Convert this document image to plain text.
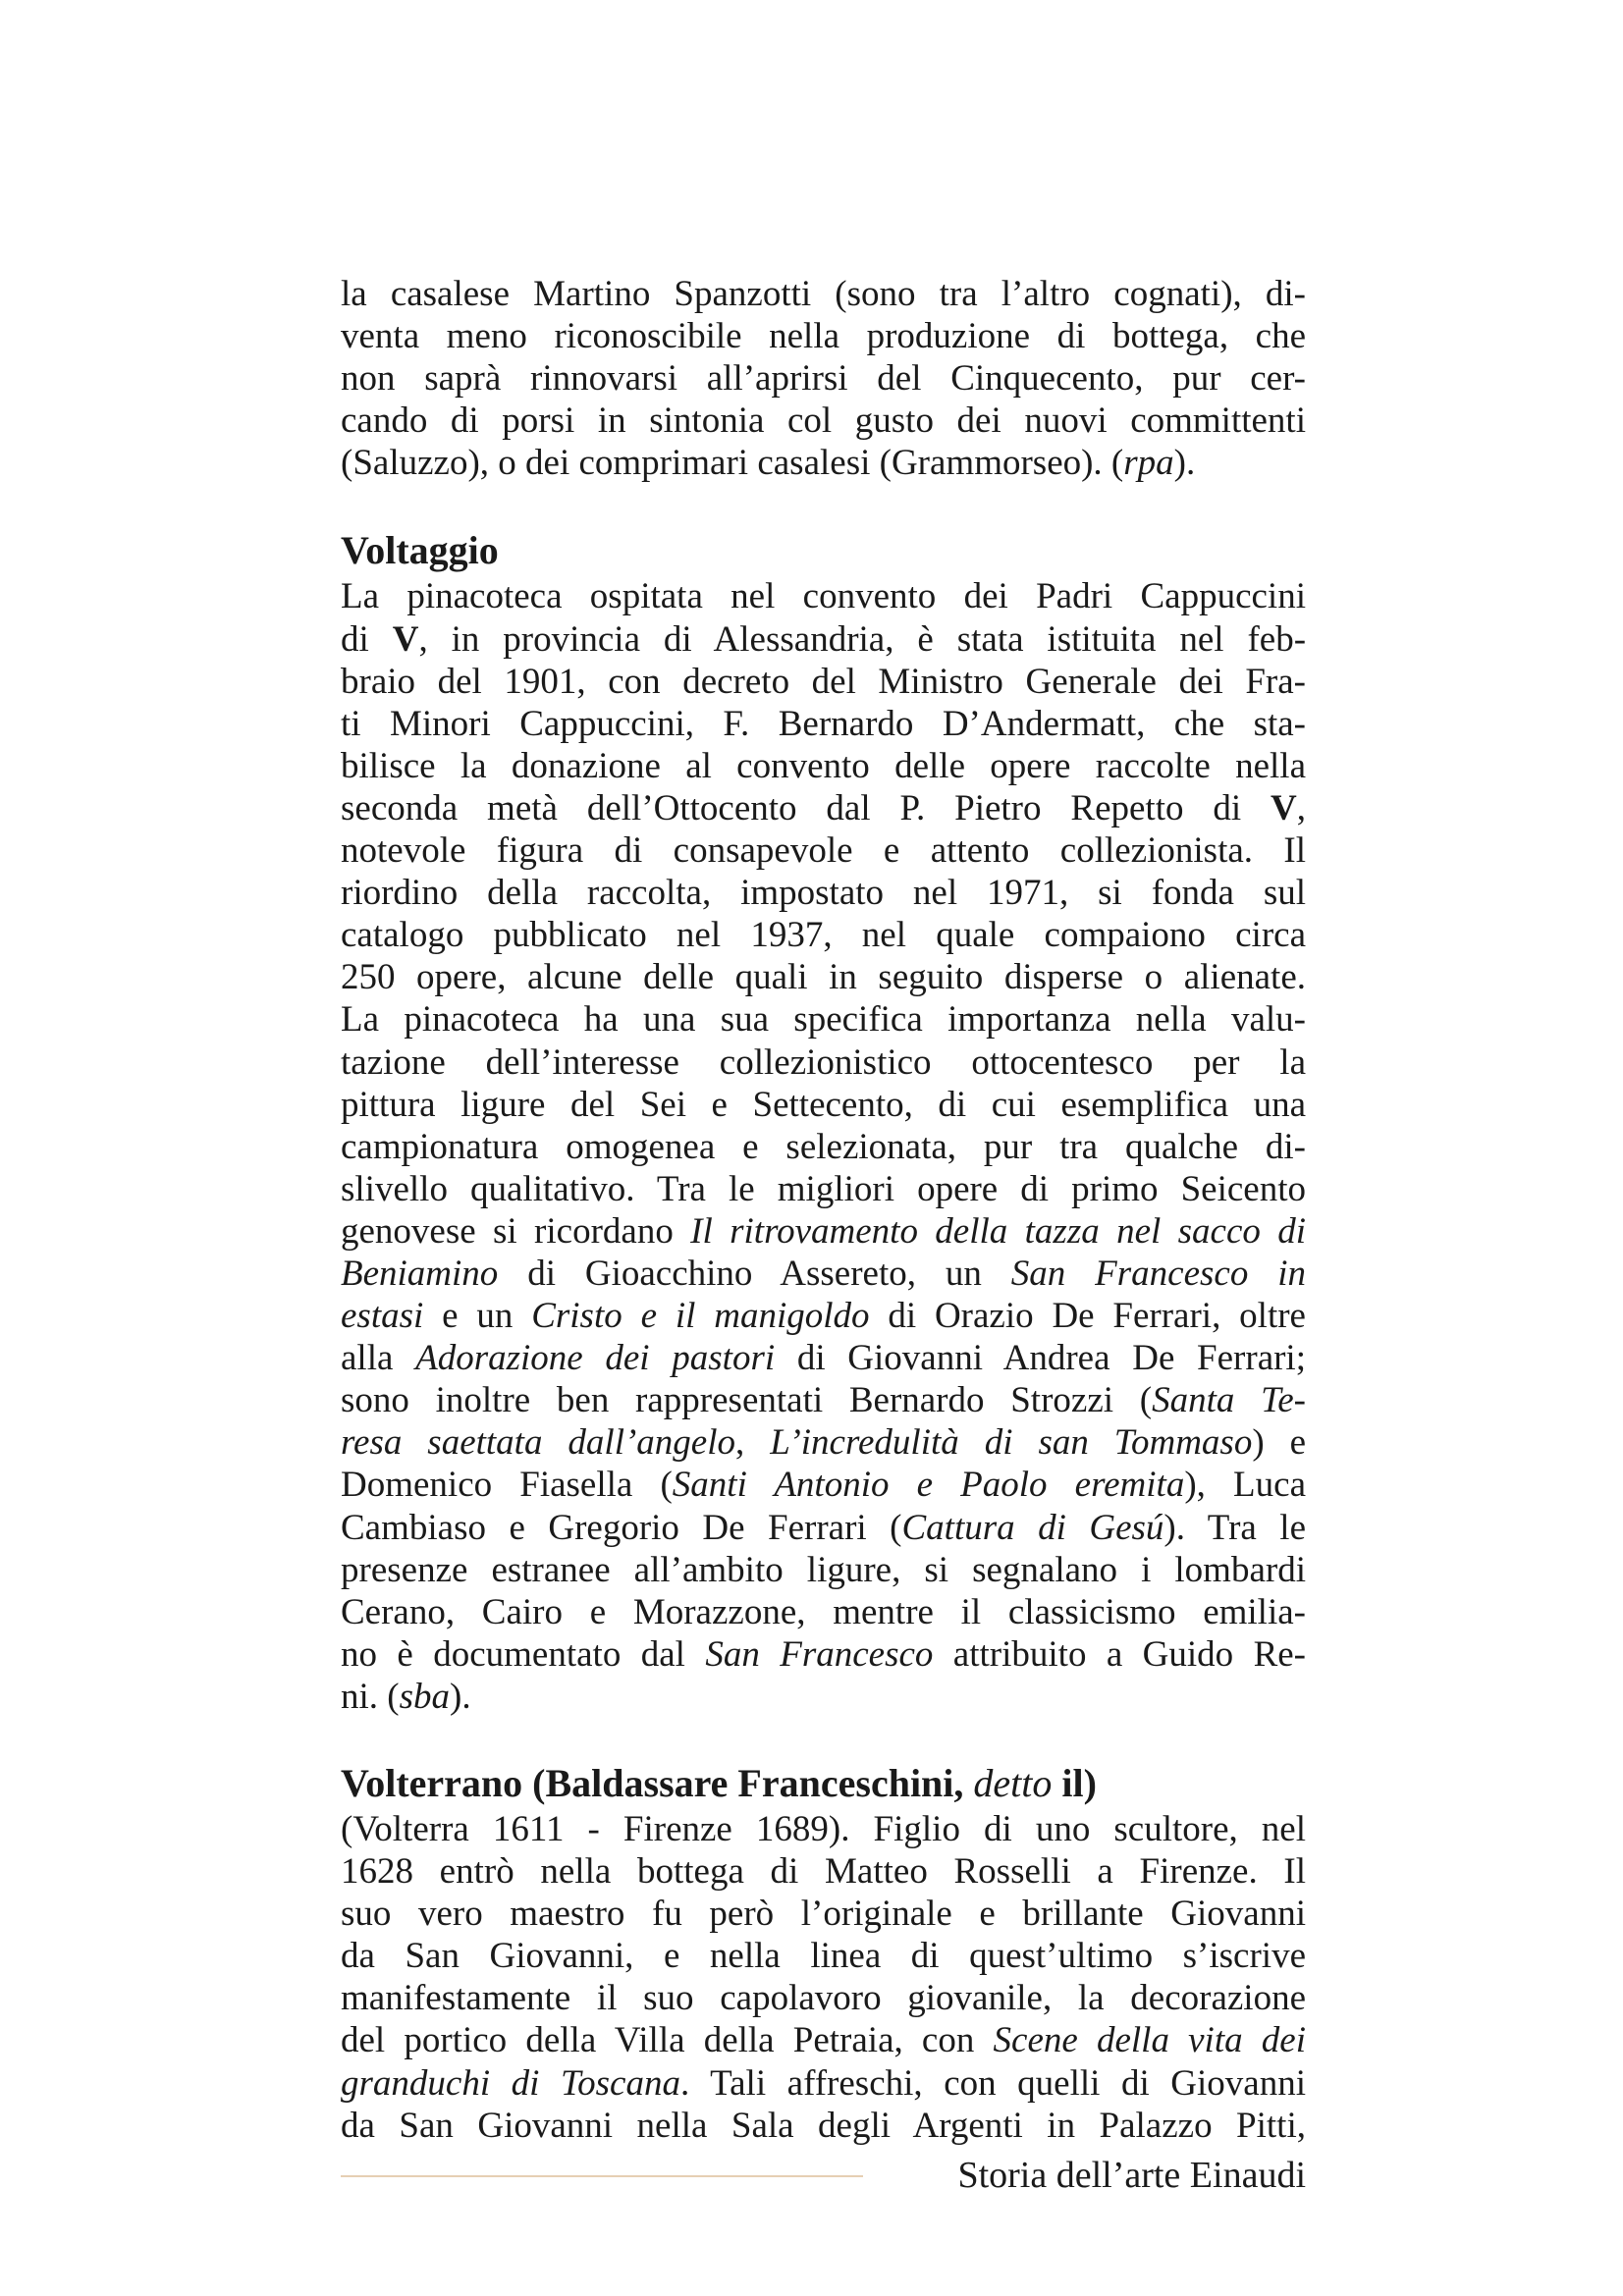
la casalese Martino Spanzotti (sono tra l’altro cognati), di-
venta meno riconoscibile nella produzione di bottega, che
non saprà rinnovarsi all’aprirsi del Cinquecento, pur cer-
cando di porsi in sintonia col gusto dei nuovi committenti
(Saluzzo), o dei comprimari casalesi (Grammorseo). (rpa).

Voltaggio

La pinacoteca ospitata nel convento dei Padri Cappuccini
di V, in provincia di Alessandria, è stata istituita nel feb-
braio del 1901, con decreto del Ministro Generale dei Fra-
ti Minori Cappuccini, F. Bernardo D’Andermatt, che sta-
bilisce la donazione al convento delle opere raccolte nella
seconda metà dell’Ottocento dal P. Pietro Repetto di V,
notevole figura di consapevole e attento collezionista. Il
riordino della raccolta, impostato nel 1971, si fonda sul
catalogo pubblicato nel 1937, nel quale compaiono circa
250 opere, alcune delle quali in seguito disperse o alienate.
La pinacoteca ha una sua specifica importanza nella valu-
tazione dell’interesse collezionistico ottocentesco per la
pittura ligure del Sei e Settecento, di cui esemplifica una
campionatura omogenea e selezionata, pur tra qualche di-
slivello qualitativo. Tra le migliori opere di primo Seicento
genovese si ricordano Il ritrovamento della tazza nel sacco di
Beniamino di Gioacchino Assereto, un San Francesco in
estasi e un Cristo e il manigoldo di Orazio De Ferrari, oltre
alla Adorazione dei pastori di Giovanni Andrea De Ferrari;
sono inoltre ben rappresentati Bernardo Strozzi (Santa Te-
resa saettata dall’angelo, L’incredulità di san Tommaso) e
Domenico Fiasella (Santi Antonio e Paolo eremita), Luca
Cambiaso e Gregorio De Ferrari (Cattura di Gesú). Tra le
presenze estranee all’ambito ligure, si segnalano i lombardi
Cerano, Cairo e Morazzone, mentre il classicismo emilia-
no è documentato dal San Francesco attribuito a Guido Re-
ni. (sba).

Volterrano (Baldassare Franceschini, detto il)

(Volterra 1611 - Firenze 1689). Figlio di uno scultore, nel
1628 entrò nella bottega di Matteo Rosselli a Firenze. Il
suo vero maestro fu però l’originale e brillante Giovanni
da San Giovanni, e nella linea di quest’ultimo s’iscrive
manifestamente il suo capolavoro giovanile, la decorazione
del portico della Villa della Petraia, con Scene della vita dei
granduchi di Toscana. Tali affreschi, con quelli di Giovanni
da San Giovanni nella Sala degli Argenti in Palazzo Pitti,

Storia dell’arte Einaudi
